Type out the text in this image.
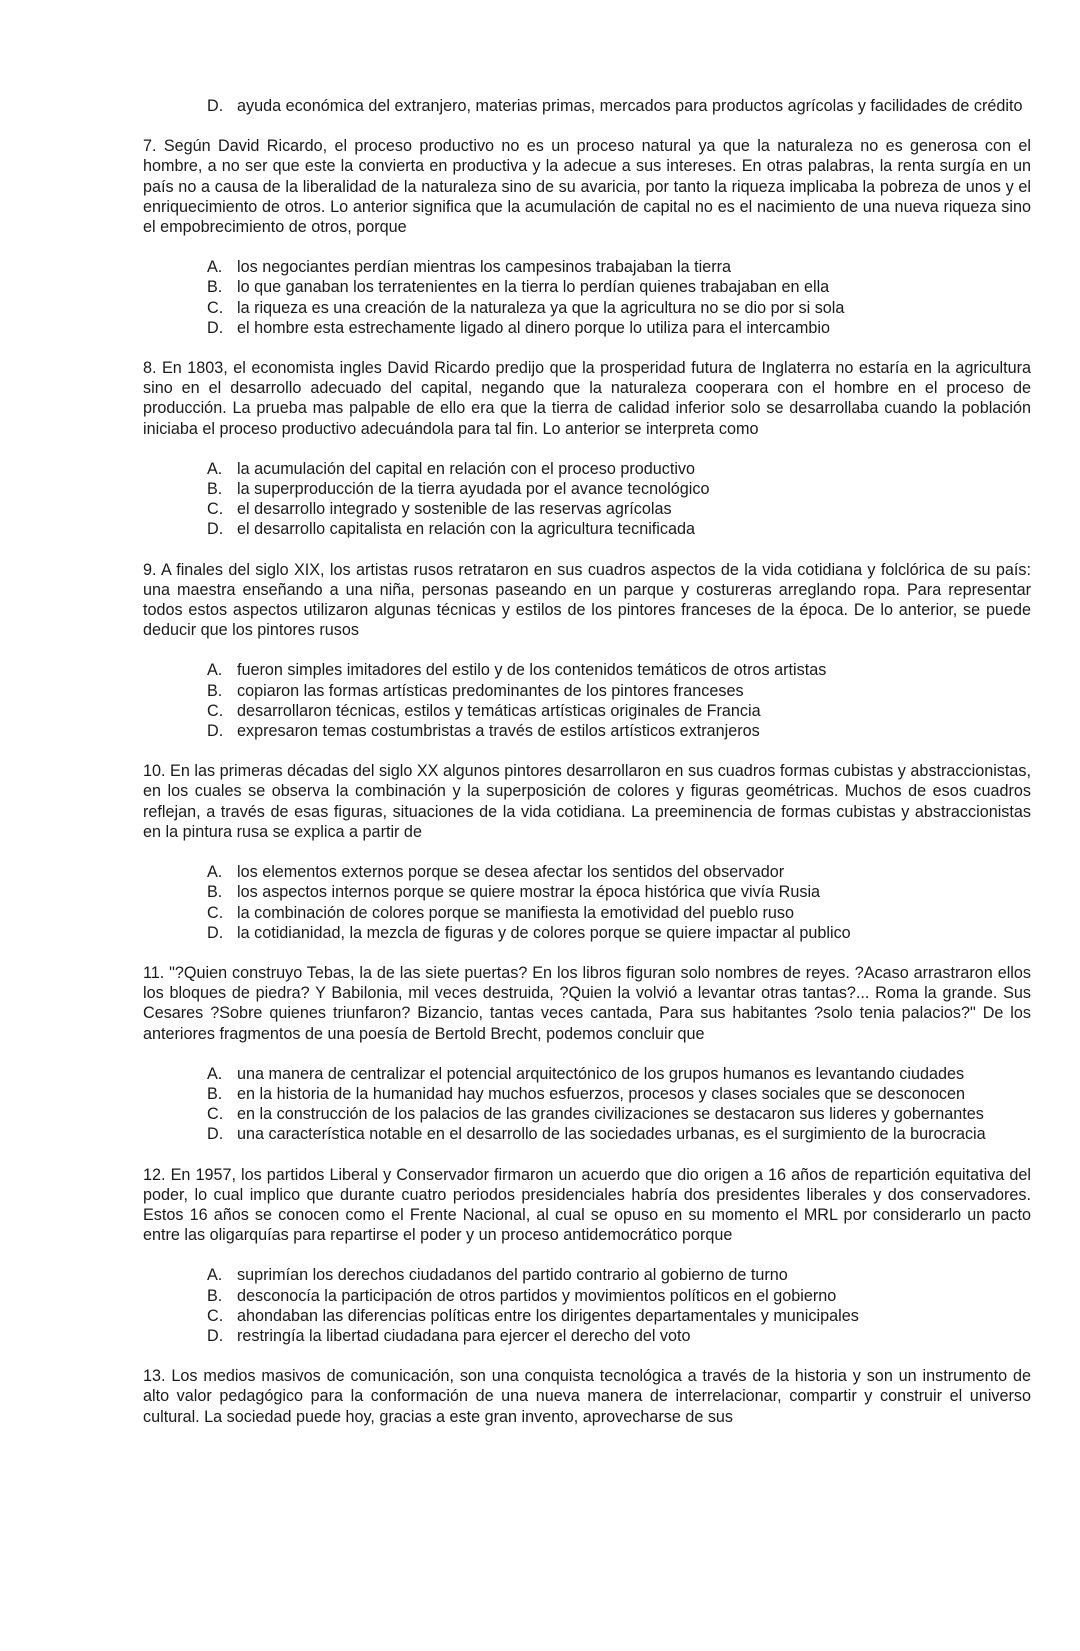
D. ayuda económica del extranjero, materias primas, mercados para productos agrícolas y facilidades de crédito

7. Según David Ricardo, el proceso productivo no es un proceso natural ya que la naturaleza no es generosa con el hombre, a no ser que este la convierta en productiva y la adecue a sus intereses. En otras palabras, la renta surgía en un país no a causa de la liberalidad de la naturaleza sino de su avaricia, por tanto la riqueza implicaba la pobreza de unos y el enriquecimiento de otros. Lo anterior significa que la acumulación de capital no es el nacimiento de una nueva riqueza sino el empobrecimiento de otros, porque

A. los negociantes perdían mientras los campesinos trabajaban la tierra
B. lo que ganaban los terratenientes en la tierra lo perdían quienes trabajaban en ella
C. la riqueza es una creación de la naturaleza ya que la agricultura no se dio por si sola
D. el hombre esta estrechamente ligado al dinero porque lo utiliza para el intercambio

8. En 1803, el economista ingles David Ricardo predijo que la prosperidad futura de Inglaterra no estaría en la agricultura sino en el desarrollo adecuado del capital, negando que la naturaleza cooperara con el hombre en el proceso de producción. La prueba mas palpable de ello era que la tierra de calidad inferior solo se desarrollaba cuando la población iniciaba el proceso productivo adecuándola para tal fin. Lo anterior se interpreta como

A. la acumulación del capital en relación con el proceso productivo
B. la superproducción de la tierra ayudada por el avance tecnológico
C. el desarrollo integrado y sostenible de las reservas agrícolas
D. el desarrollo capitalista en relación con la agricultura tecnificada

9. A finales del siglo XIX, los artistas rusos retrataron en sus cuadros aspectos de la vida cotidiana y folclórica de su país: una maestra enseñando a una niña, personas paseando en un parque y costureras arreglando ropa. Para representar todos estos aspectos utilizaron algunas técnicas y estilos de los pintores franceses de la época. De lo anterior, se puede deducir que los pintores rusos

A. fueron simples imitadores del estilo y de los contenidos temáticos de otros artistas
B. copiaron las formas artísticas predominantes de los pintores franceses
C. desarrollaron técnicas, estilos y temáticas artísticas originales de Francia
D. expresaron temas costumbristas a través de estilos artísticos extranjeros

10. En las primeras décadas del siglo XX algunos pintores desarrollaron en sus cuadros formas cubistas y abstraccionistas, en los cuales se observa la combinación y la superposición de colores y figuras geométricas. Muchos de esos cuadros reflejan, a través de esas figuras, situaciones de la vida cotidiana. La preeminencia de formas cubistas y abstraccionistas en la pintura rusa se explica a partir de

A. los elementos externos porque se desea afectar los sentidos del observador
B. los aspectos internos porque se quiere mostrar la época histórica que vivía Rusia
C. la combinación de colores porque se manifiesta la emotividad del pueblo ruso
D. la cotidianidad, la mezcla de figuras y de colores porque se quiere impactar al publico

11. "?Quien construyo Tebas, la de las siete puertas? En los libros figuran solo nombres de reyes. ?Acaso arrastraron ellos los bloques de piedra? Y Babilonia, mil veces destruida, ?Quien la volvió a levantar otras tantas?... Roma la grande. Sus Cesares ?Sobre quienes triunfaron? Bizancio, tantas veces cantada, Para sus habitantes ?solo tenia palacios?" De los anteriores fragmentos de una poesía de Bertold Brecht, podemos concluir que

A. una manera de centralizar el potencial arquitectónico de los grupos humanos es levantando ciudades
B. en la historia de la humanidad hay muchos esfuerzos, procesos y clases sociales que se desconocen
C. en la construcción de los palacios de las grandes civilizaciones se destacaron sus lideres y gobernantes
D. una característica notable en el desarrollo de las sociedades urbanas, es el surgimiento de la burocracia

12. En 1957, los partidos Liberal y Conservador firmaron un acuerdo que dio origen a 16 años de repartición equitativa del poder, lo cual implico que durante cuatro periodos presidenciales habría dos presidentes liberales y dos conservadores. Estos 16 años se conocen como el Frente Nacional, al cual se opuso en su momento el MRL por considerarlo un pacto entre las oligarquías para repartirse el poder y un proceso antidemocrático porque

A. suprimían los derechos ciudadanos del partido contrario al gobierno de turno
B. desconocía la participación de otros partidos y movimientos políticos en el gobierno
C. ahondaban las diferencias políticas entre los dirigentes departamentales y municipales
D. restringía la libertad ciudadana para ejercer el derecho del voto

13. Los medios masivos de comunicación, son una conquista tecnológica a través de la historia y son un instrumento de alto valor pedagógico para la conformación de una nueva manera de interrelacionar, compartir y construir el universo cultural. La sociedad puede hoy, gracias a este gran invento, aprovecharse de sus
